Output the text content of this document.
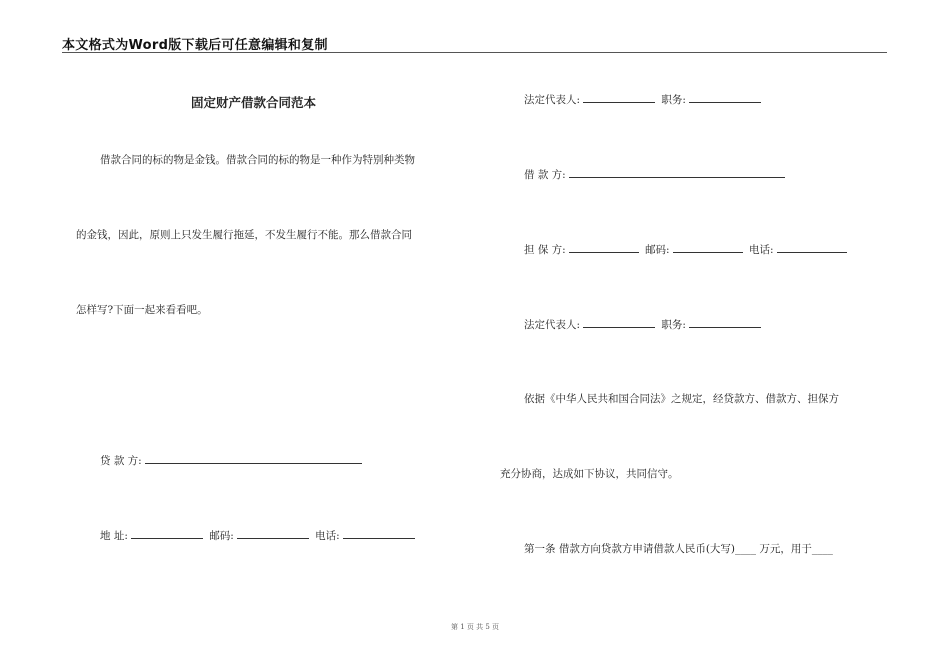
本文格式为Word版下载后可任意编辑和复制
固定财产借款合同范本
借款合同的标的物是金钱。借款合同的标的物是一种作为特别种类物
的金钱，因此，原则上只发生履行拖延，不发生履行不能。那么借款合同
怎样写?下面一起来看看吧。
贷 款 方:
地 址:	邮码:	电话:
法定代表人:	职务:
借 款 方:
担 保 方:	邮码:	电话:
法定代表人:	职务:
依据《中华人民共和国合同法》之规定，经贷款方、借款方、担保方
充分协商，达成如下协议，共同信守。
第一条 借款方向贷款方申请借款人民币(大写)____ 万元，用于____
第 1 页 共 5 页
